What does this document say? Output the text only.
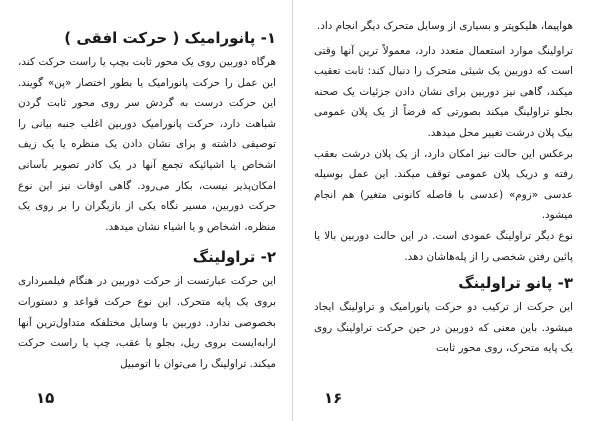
۱- پانورامیک ( حرکت افقی )

هرگاه دوربین روی یک محور ثابت بچپ یا راست حرکت کند، این عمل را حرکت پانورامیک یا بطور اختصار «پن» گویند. این حرکت درست به گردش سر روی محور ثابت گردن شباهت دارد، حرکت پانورامیک دوربین اغلب جنبه بیانی را توصیفی داشته و برای نشان دادن یک منظره یا یک زیف اشخاص یا اشیائیکه تجمع آنها در یک کادر تصویر بآسانی امکان‌پذیر نیست، بکار می‌رود. گاهی اوقات نیز این نوع حرکت دوربین، مسیر نگاه یکی از بازیگران را بر روی یک منظره، اشخاص و یا اشیاء نشان میدهد.

۲- تراولینگ

این حرکت عبارتست از حرکت دوربین در هنگام فیلمبرداری بروی یک پایه متحرک. این نوع حرکت قواعد و دستورات بخصوصی ندارد. دوربین با وسایل مختلفکه متداول‌ترین آنها ارابه‌ایست بروی ریل، بجلو یا عقب، چپ یا راست حرکت میکند. تراولینگ را می‌توان با اتومبیل

۱۵

هواپیما، هلیکوپتر و بسیاری از وسایل متحرک دیگر انجام داد.

تراولینگ موارد استعمال متعدد دارد، معمولاً ترین آنها وقتی است که دوربین یک شیئی متحرک را دنبال کند: ثابت تعقیب میکند، گاهی نیز دوربین برای نشان دادن جزئیات یک صحنه بجلو تراولینگ میکند بصورتی که فرضاً از یک پلان عمومی بیک پلان درشت تغییر محل میدهد.

برعکس این حالت نیز امکان دارد، از یک پلان درشت بعقب رفته و دریک پلان عمومی توقف میکند. این عمل بوسیله عدسی «زوم» (عدسی با فاصله کانونی متغیر) هم انجام میشود.

نوع دیگر تراولینگ عمودی است. در این حالت دوربین بالا یا پائین رفتن شخصی را از پله‌هاشان دهد.

۳- پانو تراولینگ

این حرکت از ترکیب دو حرکت پانورامیک و تراولینگ ایجاد میشود. باین معنی که دوربین در حین حرکت تراولینگ روی یک پایه متحرک، روی محور ثابت

۱۶
